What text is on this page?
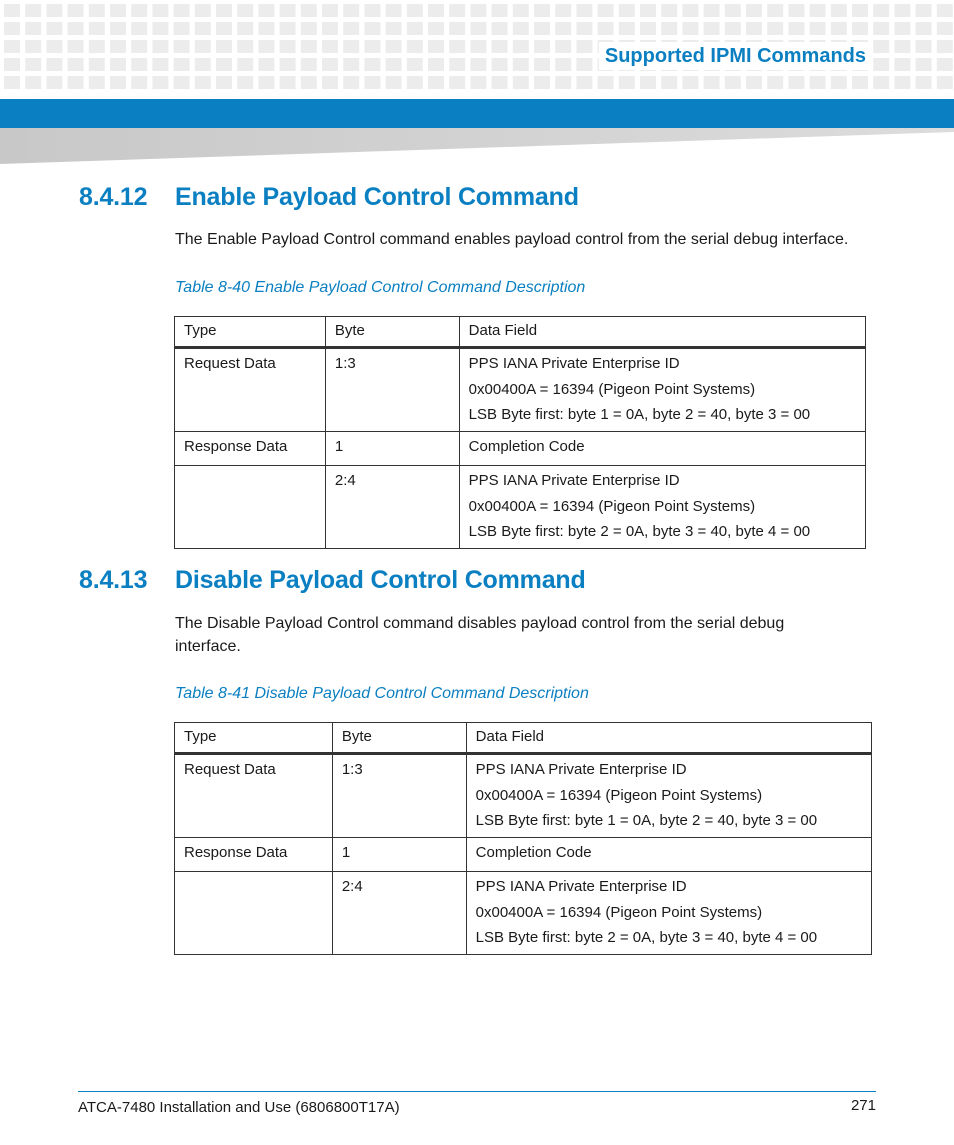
Supported IPMI Commands
8.4.12 Enable Payload Control Command
The Enable Payload Control command enables payload control from the serial debug interface.
Table 8-40 Enable Payload Control Command Description
Type	Byte	Data Field

Request Data	1:3	PPS IANA Private Enterprise ID
0x00400A = 16394 (Pigeon Point Systems)
LSB Byte first: byte 1 = 0A, byte 2 = 40, byte 3 = 00

Response Data	1	Completion Code

	2:4	PPS IANA Private Enterprise ID
0x00400A = 16394 (Pigeon Point Systems)
LSB Byte first: byte 2 = 0A, byte 3 = 40, byte 4 = 00
8.4.13 Disable Payload Control Command
The Disable Payload Control command disables payload control from the serial debug interface.
Table 8-41 Disable Payload Control Command Description
Type	Byte	Data Field

Request Data	1:3	PPS IANA Private Enterprise ID
0x00400A = 16394 (Pigeon Point Systems)
LSB Byte first: byte 1 = 0A, byte 2 = 40, byte 3 = 00

Response Data	1	Completion Code

	2:4	PPS IANA Private Enterprise ID
0x00400A = 16394 (Pigeon Point Systems)
LSB Byte first: byte 2 = 0A, byte 3 = 40, byte 4 = 00
ATCA-7480 Installation and Use (6806800T17A)	271
